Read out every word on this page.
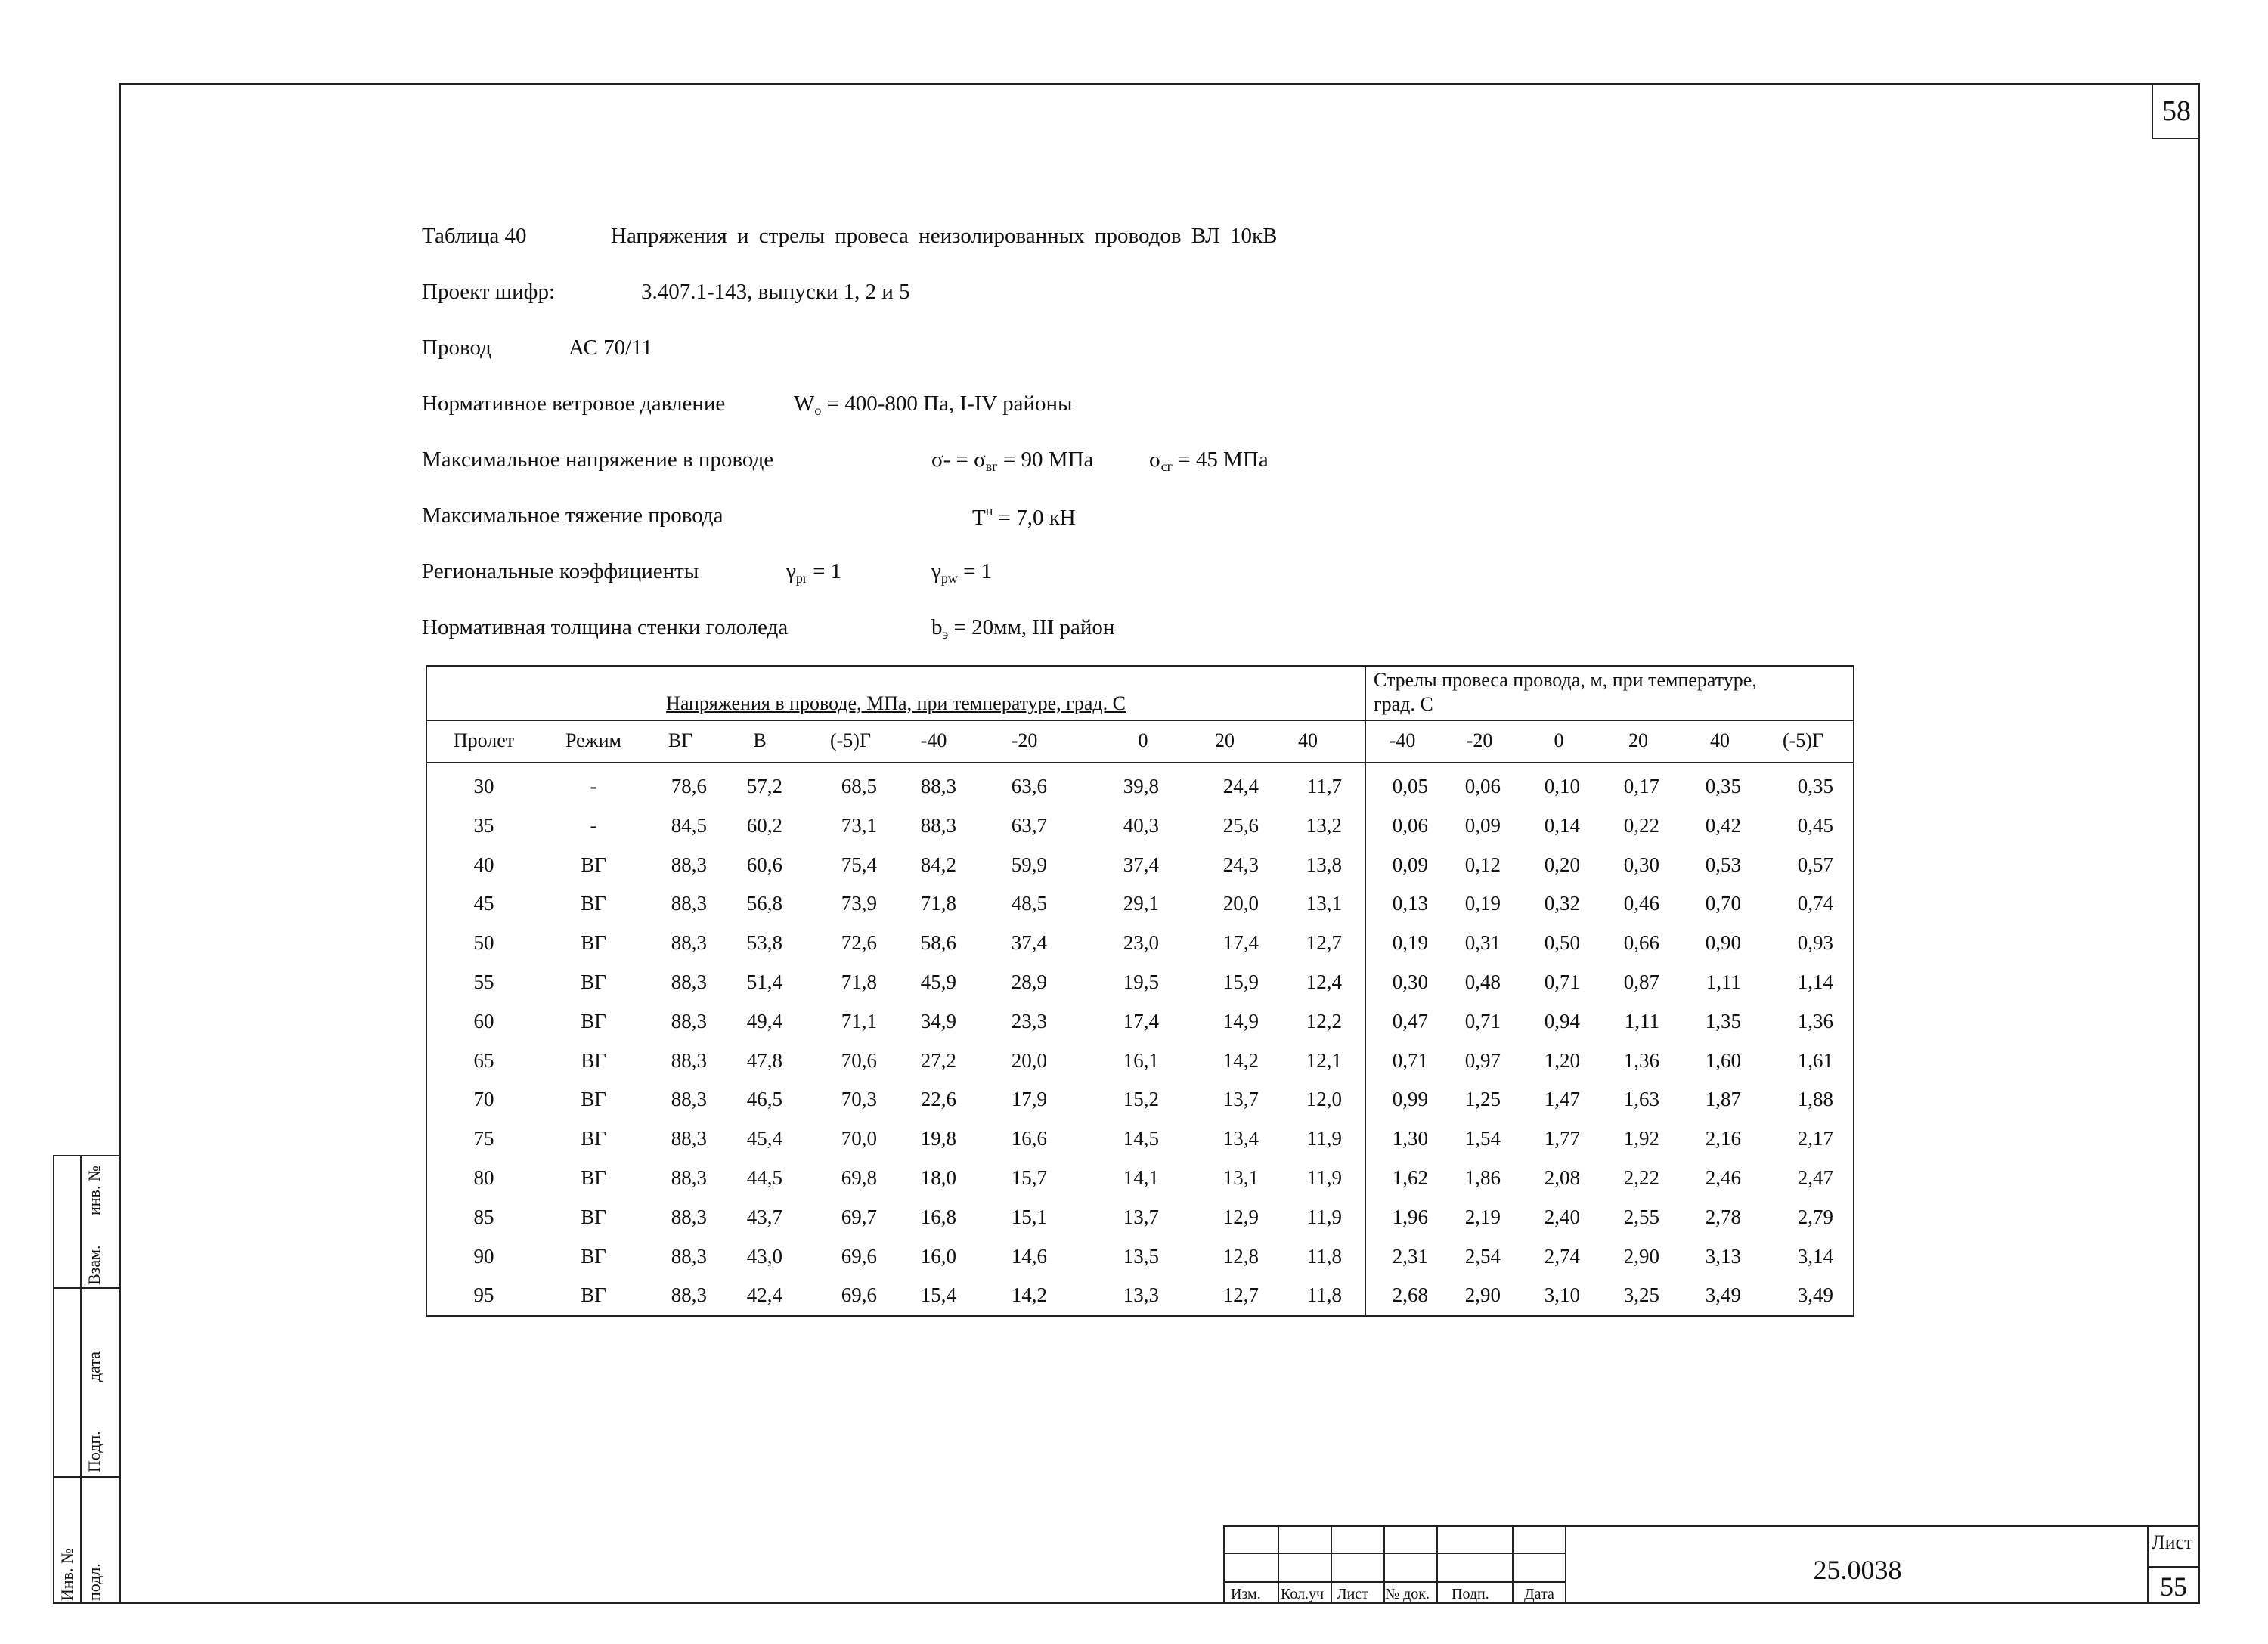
58
Таблица 40	Напряжения и стрелы провеса неизолированных проводов ВЛ 10кВ
Проект шифр:	3.407.1-143, выпуски 1, 2 и 5
Провод	АС 70/11
Нормативное ветровое давление	$W_o = 400-800$ Па, I-IV районы
Максимальное напряжение в проводе	$\sigma- = \sigma_{вг} = 90$ МПа	$\sigma_{сг} = 45$ МПа
Максимальное тяжение провода	$Т^н = 7,0$ кН
Региональные коэффициенты	$\gamma_{pr} = 1$	$\gamma_{pw} = 1$
Нормативная толщина стенки гололеда	$b_э = 20мм$, III район
Напряжения в проводе, МПа, при температуре, град. С
Стрелы провеса провода, м, при температуре,
град. С
Пролет	Режим	ВГ	В	(-5)Г	-40	-20	0	20	40	-40	-20	0	20	40	(-5)Г
30	-	78,6	57,2	68,5	88,3	63,6	39,8	24,4	11,7	0,05	0,06	0,10	0,17	0,35	0,35
35	-	84,5	60,2	73,1	88,3	63,7	40,3	25,6	13,2	0,06	0,09	0,14	0,22	0,42	0,45
40	ВГ	88,3	60,6	75,4	84,2	59,9	37,4	24,3	13,8	0,09	0,12	0,20	0,30	0,53	0,57
45	ВГ	88,3	56,8	73,9	71,8	48,5	29,1	20,0	13,1	0,13	0,19	0,32	0,46	0,70	0,74
50	ВГ	88,3	53,8	72,6	58,6	37,4	23,0	17,4	12,7	0,19	0,31	0,50	0,66	0,90	0,93
55	ВГ	88,3	51,4	71,8	45,9	28,9	19,5	15,9	12,4	0,30	0,48	0,71	0,87	1,11	1,14
60	ВГ	88,3	49,4	71,1	34,9	23,3	17,4	14,9	12,2	0,47	0,71	0,94	1,11	1,35	1,36
65	ВГ	88,3	47,8	70,6	27,2	20,0	16,1	14,2	12,1	0,71	0,97	1,20	1,36	1,60	1,61
70	ВГ	88,3	46,5	70,3	22,6	17,9	15,2	13,7	12,0	0,99	1,25	1,47	1,63	1,87	1,88
75	ВГ	88,3	45,4	70,0	19,8	16,6	14,5	13,4	11,9	1,30	1,54	1,77	1,92	2,16	2,17
80	ВГ	88,3	44,5	69,8	18,0	15,7	14,1	13,1	11,9	1,62	1,86	2,08	2,22	2,46	2,47
85	ВГ	88,3	43,7	69,7	16,8	15,1	13,7	12,9	11,9	1,96	2,19	2,40	2,55	2,78	2,79
90	ВГ	88,3	43,0	69,6	16,0	14,6	13,5	12,8	11,8	2,31	2,54	2,74	2,90	3,13	3,14
95	ВГ	88,3	42,4	69,6	15,4	14,2	13,3	12,7	11,8	2,68	2,90	3,10	3,25	3,49	3,49
Инв. № подл.
Подп.
дата
Взам.
инв. №
Изм. Кол.уч Лист № док. Подп. Дата
25.0038
Лист
55
